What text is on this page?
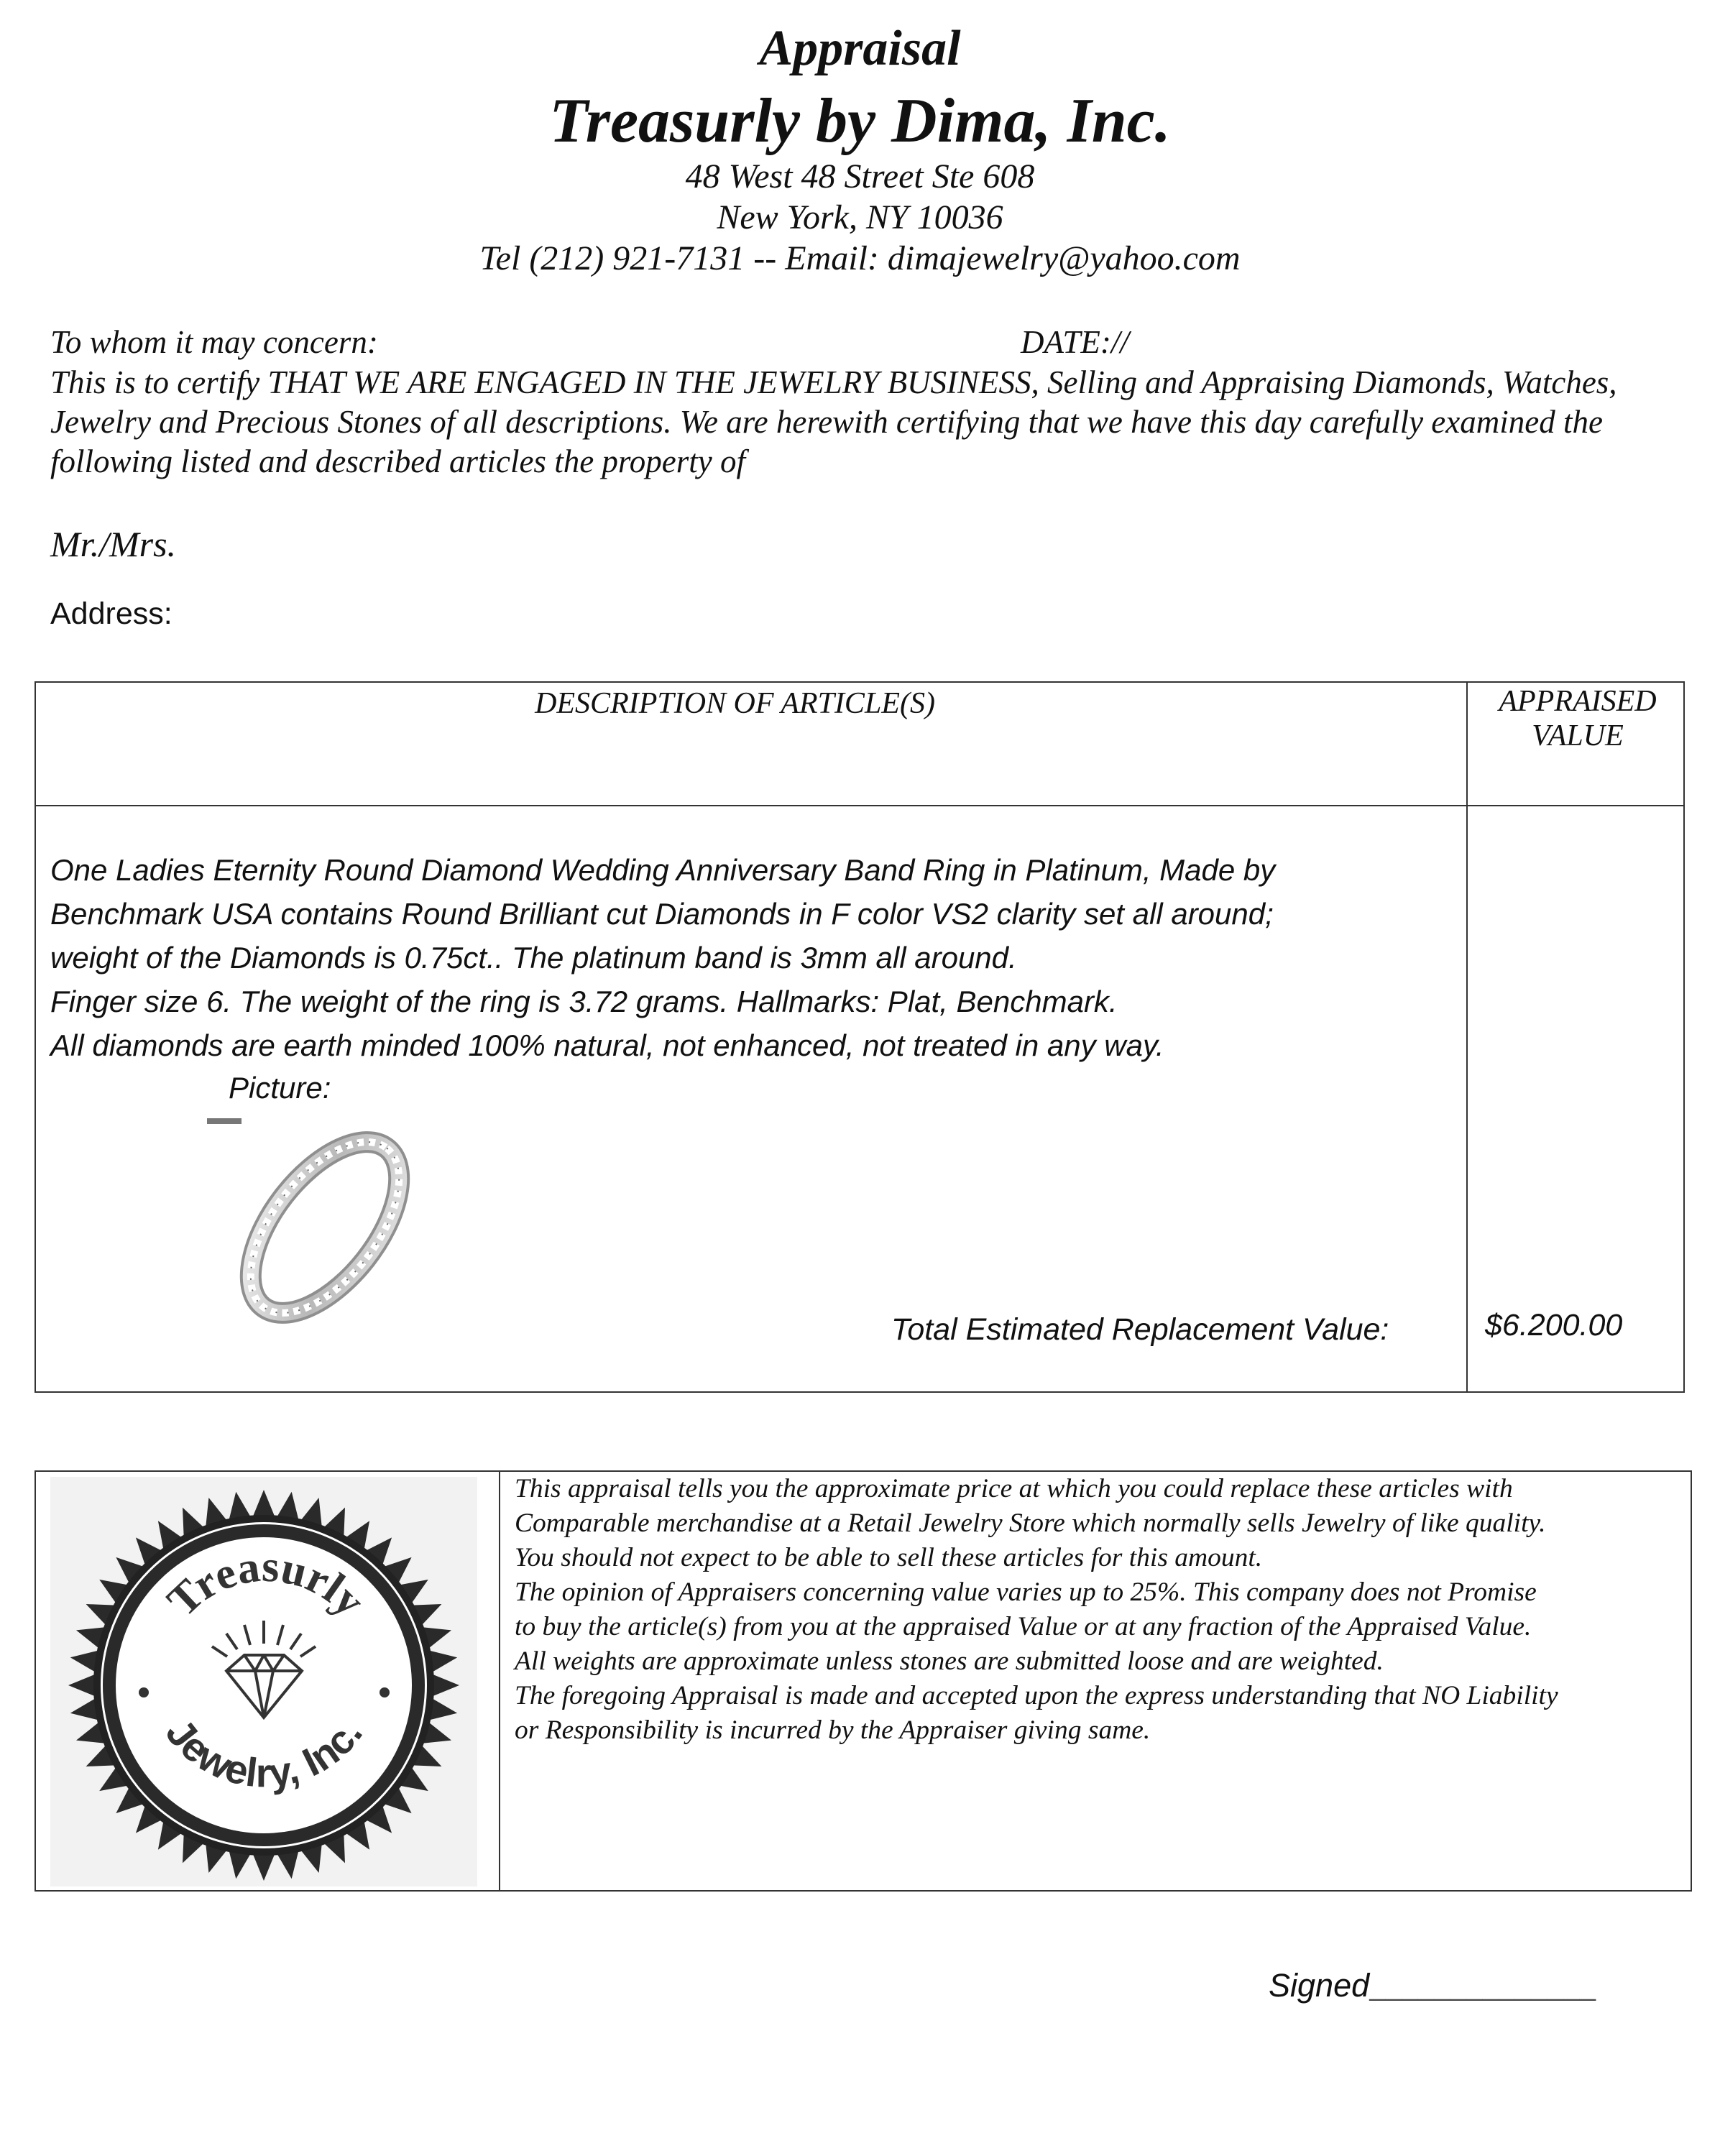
Appraisal
Treasurly by Dima, Inc.
48 West 48 Street Ste 608
New York, NY 10036
Tel (212) 921-7131 -- Email: dimajewelry@yahoo.com
To whom it may concern:	DATE://
This is to certify THAT WE ARE ENGAGED IN THE JEWELRY BUSINESS, Selling and Appraising Diamonds, Watches, Jewelry and Precious Stones of all descriptions. We are herewith certifying that we have this day carefully examined the following listed and described articles the property of
Mr./Mrs.
Address:
DESCRIPTION OF ARTICLE(S)	APPRAISED
VALUE
One Ladies Eternity Round Diamond Wedding Anniversary Band Ring in Platinum, Made by
Benchmark USA contains Round Brilliant cut Diamonds in F color VS2 clarity set all around;
weight of the Diamonds is 0.75ct.. The platinum band is 3mm all around.
Finger size 6. The weight of the ring is 3.72 grams. Hallmarks: Plat, Benchmark.
All diamonds are earth minded 100% natural, not enhanced, not treated in any way.
Picture:
Total Estimated Replacement Value:	$6.200.00
Treasurly
Jewelry, Inc.
This appraisal tells you the approximate price at which you could replace these articles with
Comparable merchandise at a Retail Jewelry Store which normally sells Jewelry of like quality.
You should not expect to be able to sell these articles for this amount.
The opinion of Appraisers concerning value varies up to 25%. This company does not Promise
to buy the article(s) from you at the appraised Value or at any fraction of the Appraised Value.
All weights are approximate unless stones are submitted loose and are weighted.
The foregoing Appraisal is made and accepted upon the express understanding that NO Liability
or Responsibility is incurred by the Appraiser giving same.
Signed______________
